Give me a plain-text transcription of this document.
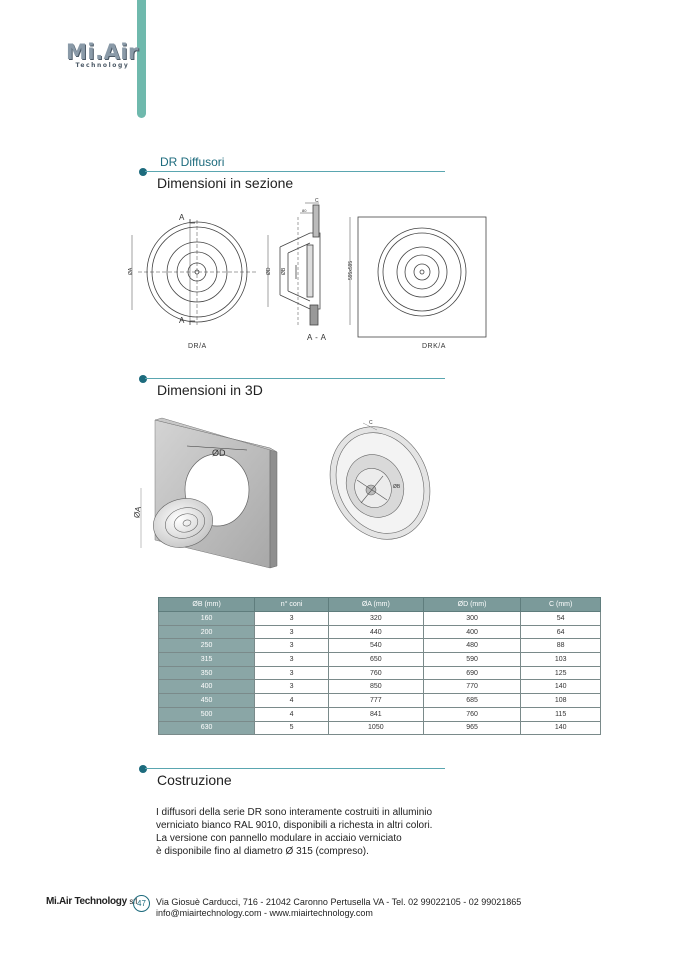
Mi.Air
Technology
DR Diffusori
Dimensioni in sezione
A
A
ØA
C
80
ØD ØB	595x595
DR/A
A - A
DRK/A
Dimensioni in 3D
ØD
ØA
C
ØB
ØB (mm)	n° coni	ØA (mm)	ØD (mm)	C (mm)
160	3	320	300	54
200	3	440	400	64
250	3	540	480	88
315	3	650	590	103
350	3	760	690	125
400	3	850	770	140
450	4	777	685	108
500	4	841	760	115
630	5	1050	965	140
Costruzione
I diffusori della serie DR sono interamente costruiti in alluminio
verniciato bianco RAL 9010, disponibili a richesta in altri colori.
La versione con pannello modulare in acciaio verniciato
è disponibile fino al diametro Ø 315 (compreso).
Mi.Air Technology srl 47	Via Giosuè Carducci, 716 - 21042 Caronno Pertusella VA - Tel. 02 99022105 - 02 99021865
info@miairtechnology.com - www.miairtechnology.com
